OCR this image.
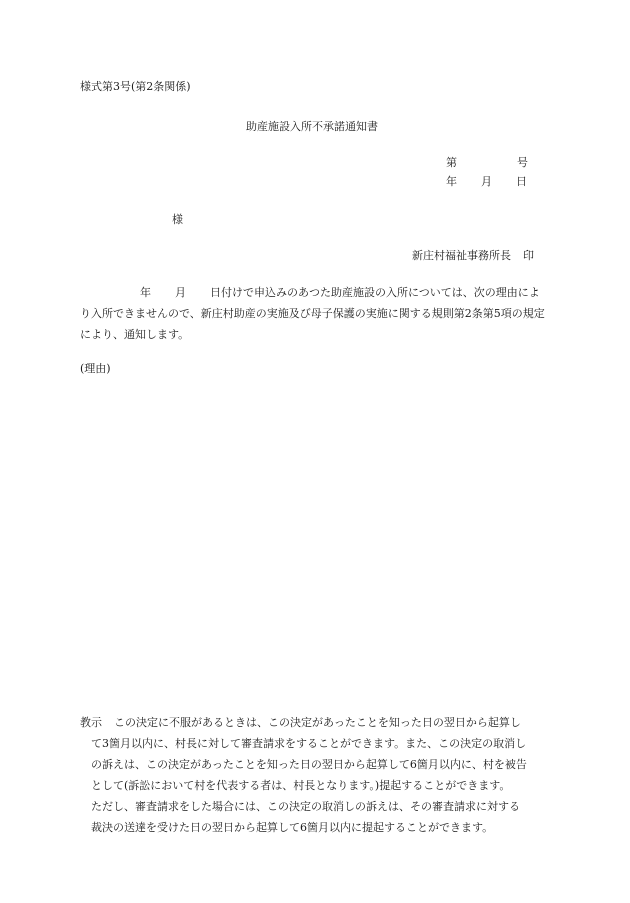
様式第3号(第2条関係)
助産施設入所不承諾通知書
第	号
年 月 日
様
新庄村福祉事務所長 印
年 月 日付けで申込みのあつた助産施設の入所については、次の理由により入所できませんので、新庄村助産の実施及び母子保護の実施に関する規則第2条第5項の規定により、通知します。
(理由)
教示 この決定に不服があるときは、この決定があったことを知った日の翌日から起算し
て3箇月以内に、村長に対して審査請求をすることができます。また、この決定の取消し
の訴えは、この決定があったことを知った日の翌日から起算して6箇月以内に、村を被告
として(訴訟において村を代表する者は、村長となります。)提起することができます。
ただし、審査請求をした場合には、この決定の取消しの訴えは、その審査請求に対する
裁決の送達を受けた日の翌日から起算して6箇月以内に提起することができます。
